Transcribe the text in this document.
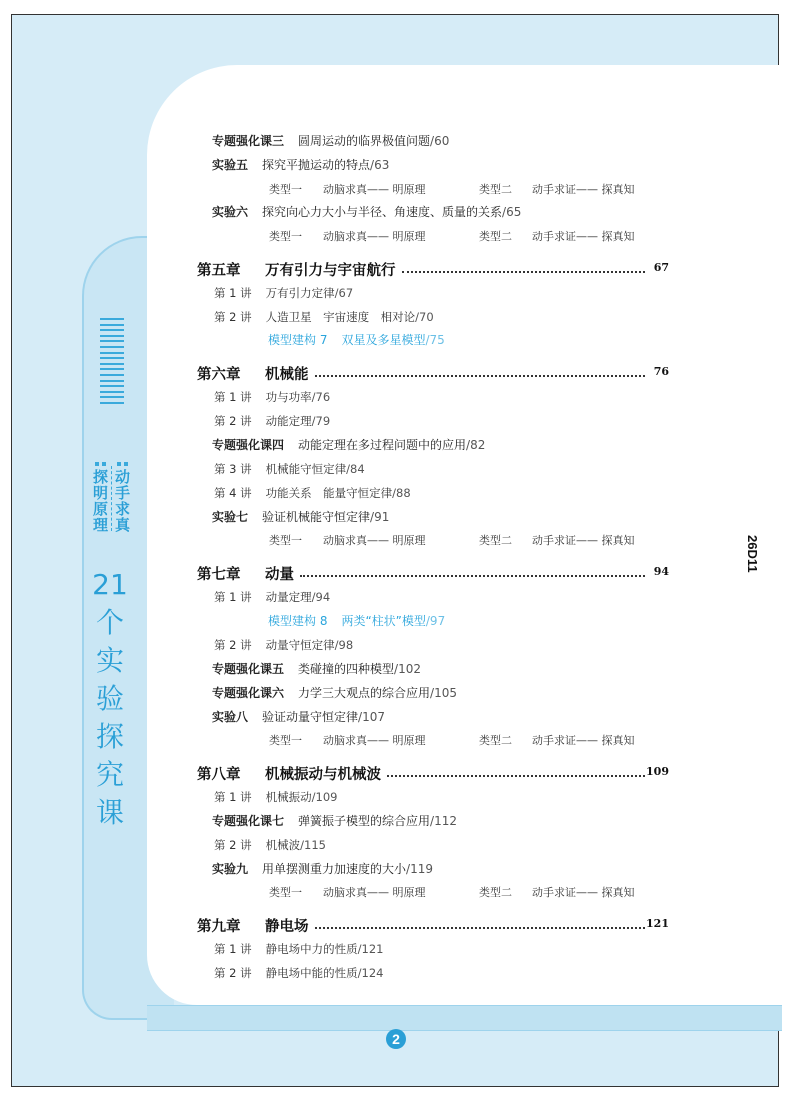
动手求真
探明原理
21
个
实
验
探
究
课
26D11
2
专题强化课三 圆周运动的临界极值问题/60
实验五 探究平抛运动的特点/63
类型一 动脑求真—— 明原理	类型二 动手求证—— 探真知
实验六 探究向心力大小与半径、角速度、质量的关系/65
类型一 动脑求真—— 明原理	类型二 动手求证—— 探真知
第五章 万有引力与宇宙航行	67
第 1 讲 万有引力定律/67
第 2 讲 人造卫星　宇宙速度　相对论/70
模型建构 7 双星及多星模型/75
第六章 机械能	76
第 1 讲 功与功率/76
第 2 讲 动能定理/79
专题强化课四 动能定理在多过程问题中的应用/82
第 3 讲 机械能守恒定律/84
第 4 讲 功能关系　能量守恒定律/88
实验七 验证机械能守恒定律/91
类型一 动脑求真—— 明原理	类型二 动手求证—— 探真知
第七章 动量	94
第 1 讲 动量定理/94
模型建构 8 两类“柱状”模型/97
第 2 讲 动量守恒定律/98
专题强化课五 类碰撞的四种模型/102
专题强化课六 力学三大观点的综合应用/105
实验八 验证动量守恒定律/107
类型一 动脑求真—— 明原理	类型二 动手求证—— 探真知
第八章 机械振动与机械波	109
第 1 讲 机械振动/109
专题强化课七 弹簧振子模型的综合应用/112
第 2 讲 机械波/115
实验九 用单摆测重力加速度的大小/119
类型一 动脑求真—— 明原理	类型二 动手求证—— 探真知
第九章 静电场	121
第 1 讲 静电场中力的性质/121
第 2 讲 静电场中能的性质/124
